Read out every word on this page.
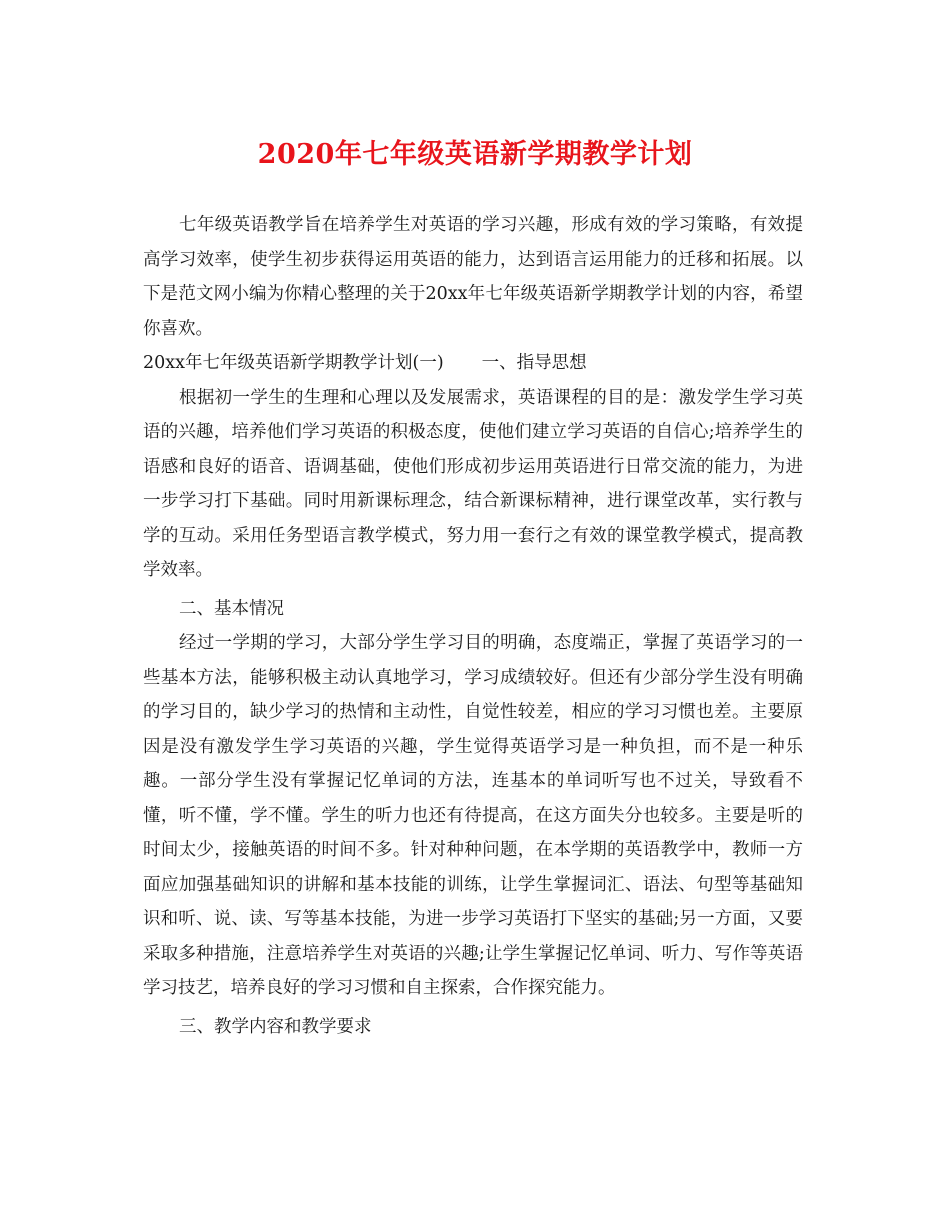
2020年七年级英语新学期教学计划

七年级英语教学旨在培养学生对英语的学习兴趣，形成有效的学习策略，有效提高学习效率，使学生初步获得运用英语的能力，达到语言运用能力的迁移和拓展。以下是范文网小编为你精心整理的关于20xx年七年级英语新学期教学计划的内容，希望你喜欢。

20xx年七年级英语新学期教学计划(一) 一、指导思想

根据初一学生的生理和心理以及发展需求，英语课程的目的是：激发学生学习英语的兴趣，培养他们学习英语的积极态度，使他们建立学习英语的自信心;培养学生的语感和良好的语音、语调基础，使他们形成初步运用英语进行日常交流的能力，为进一步学习打下基础。同时用新课标理念，结合新课标精神，进行课堂改革，实行教与学的互动。采用任务型语言教学模式，努力用一套行之有效的课堂教学模式，提高教学效率。

二、基本情况

经过一学期的学习，大部分学生学习目的明确，态度端正，掌握了英语学习的一些基本方法，能够积极主动认真地学习，学习成绩较好。但还有少部分学生没有明确的学习目的，缺少学习的热情和主动性，自觉性较差，相应的学习习惯也差。主要原因是没有激发学生学习英语的兴趣，学生觉得英语学习是一种负担，而不是一种乐趣。一部分学生没有掌握记忆单词的方法，连基本的单词听写也不过关，导致看不懂，听不懂，学不懂。学生的听力也还有待提高，在这方面失分也较多。主要是听的时间太少，接触英语的时间不多。针对种种问题，在本学期的英语教学中，教师一方面应加强基础知识的讲解和基本技能的训练，让学生掌握词汇、语法、句型等基础知识和听、说、读、写等基本技能，为进一步学习英语打下坚实的基础;另一方面，又要采取多种措施，注意培养学生对英语的兴趣;让学生掌握记忆单词、听力、写作等英语学习技艺，培养良好的学习习惯和自主探索，合作探究能力。

三、教学内容和教学要求
